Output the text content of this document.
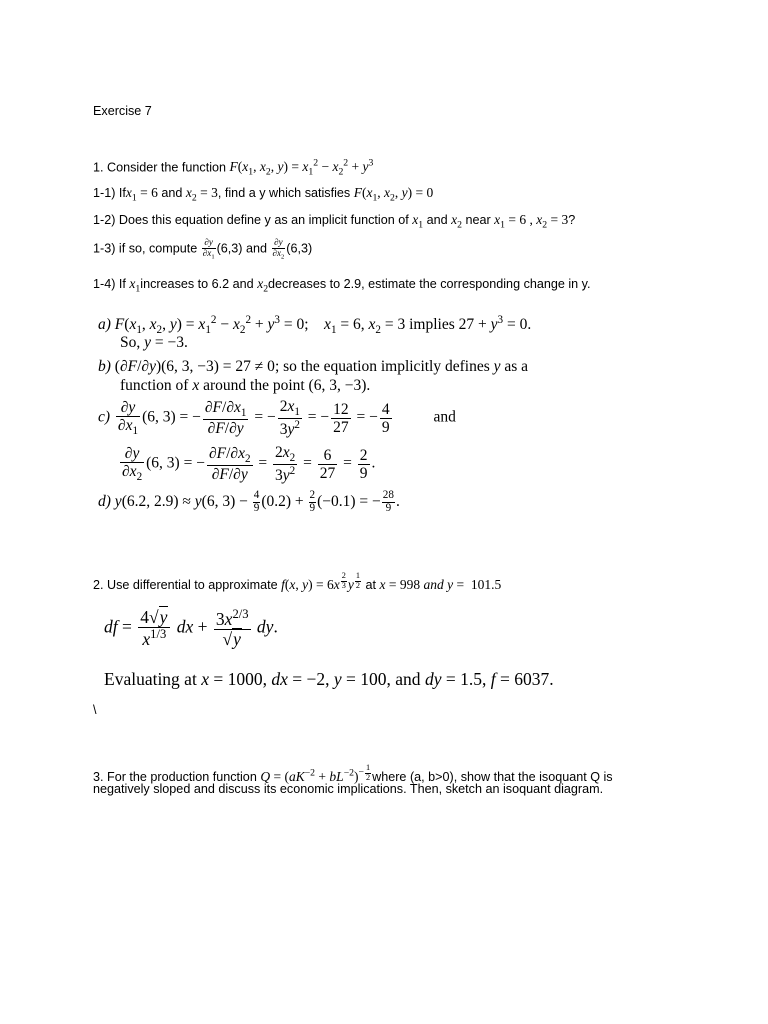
Exercise 7
1. Consider the function $F(x_1$, $x_2$, $y) = x_1^2 - x_2^2 + y^3$
1-1) Ifx$_1$ = 6 and $x_2 = 3$, find a y which satisfies $F(x_1$, $x_2$, y) = 0
1-2) Does this equation define y as an implicit function of $x_1$ and $x_2$ near $x_1 = 6$ , $x_2 = 3$?
1-3) if so, compute $\frac{\partial y}{\partial x_1} (6,3)$ and $\frac{\partial y}{\partial x_2} (6,3)$
1-4) If $x_1increases$ to 6.2 and $x_2decreases$ to 2.9, estimate the corresponding change in y.
a) $F(x_1$, $x_2$, $y) = x_1^2 - x_2^2 + y^3 = 0$;    $x_1 = 6$, $x_2 = 3$ implies $27 + y^3 = 0$.
So, y = −3.
b) (∂F/∂y)(6, 3, −3) = 27 ≠ 0; so the equation implicitly defines y as a
function of x around the point (6, 3, −3).
$c) \frac{\partial y}{\partial x_1} (6$, 3) = − $\frac{\partial F/\partial x_1}{\partial F/\partial y}$ = − $\frac{2x_1}{3y^2}$ = − $\frac{12}{27}$ = − $\frac{4}{9}$	and
$\frac{\partial y}{\partial x_2} (6$, 3) = − $\frac{\partial F/\partial x_2}{\partial F/\partial y} = \frac{2x_2}{3y^2} = \frac{6}{27} = \frac{2}{9}$ .
d) y(6.2, 2.9) ≈ y(6, $3) - \frac{4}{9} (0.2) + \frac{2}{9} (-0.1)$ = − $\frac{28}{9}$ .
2. Use differential to approximate f(x, y) = 6x $^{\frac{2}{3}}$ y $^{\frac{1}{2}}$ at x = 998 and y =  101.5
df = $\frac{4√y}{x^{1/3}}$ dx + $\frac{3x^{2/3}}{√y}$ dy.
Evaluating at x = 1000, dx = −2, y = 100, and dy = 1.5, f = 6037.
\
3. For the production function $Q = (aK^{-2} + bL^{-2})^{- \frac{1}{2}}$ where (a, b>0), show that the isoquant Q is
negatively sloped and discuss its economic implications. Then, sketch an isoquant diagram.
